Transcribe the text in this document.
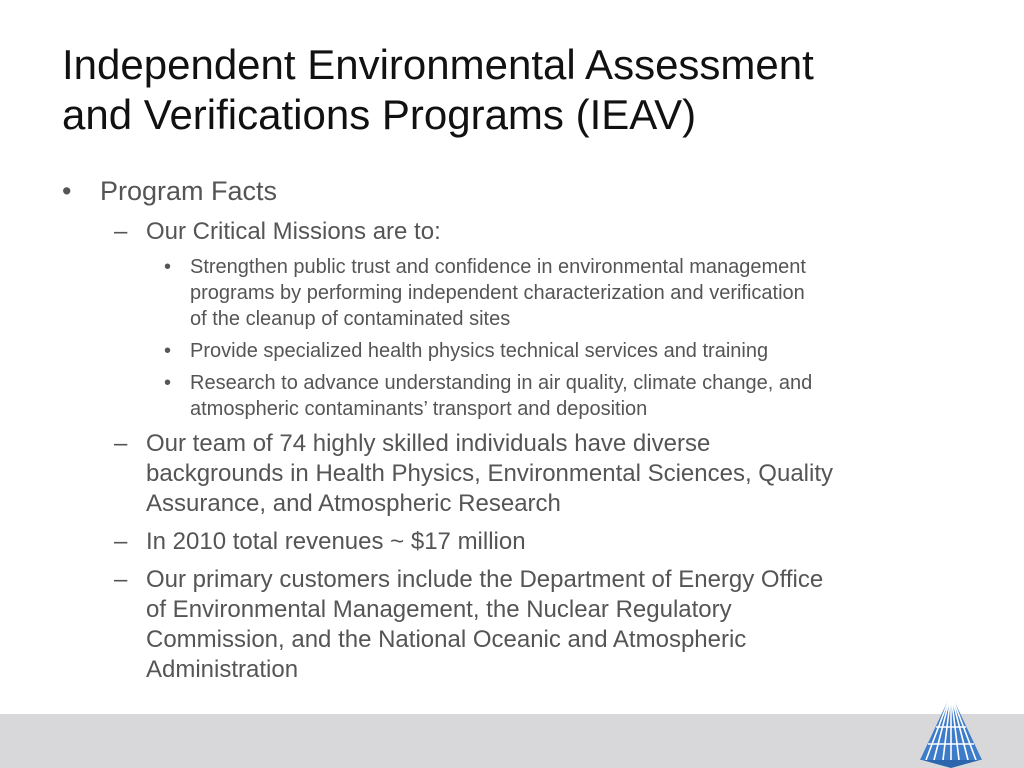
Independent Environmental Assessment
and Verifications Programs (IEAV)
• Program Facts
– Our Critical Missions are to:
• Strengthen public trust and confidence in environmental management
programs by performing independent characterization and verification
of the cleanup of contaminated sites
• Provide specialized health physics technical services and training
• Research to advance understanding in air quality, climate change, and
atmospheric contaminants’ transport and deposition
– Our team of 74 highly skilled individuals have diverse
backgrounds in Health Physics, Environmental Sciences, Quality
Assurance, and Atmospheric Research
– In 2010 total revenues ~ $17 million
– Our primary customers include the Department of Energy Office
of Environmental Management, the Nuclear Regulatory
Commission, and the National Oceanic and Atmospheric
Administration
